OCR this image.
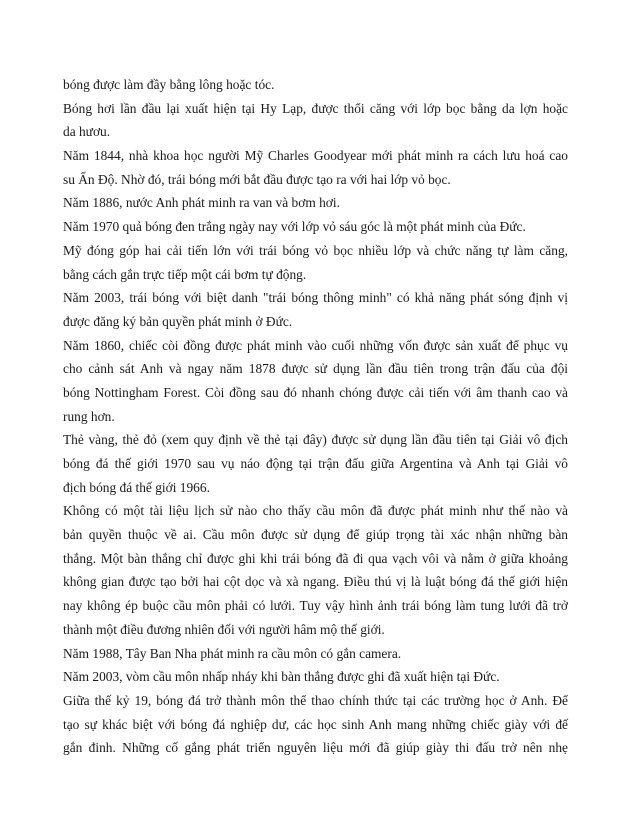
bóng được làm đầy bằng lông hoặc tóc.
Bóng hơi lần đầu lại xuất hiện tại Hy Lạp, được thổi căng với lớp bọc bằng da lợn hoặc
da hươu.
Năm 1844, nhà khoa học người Mỹ Charles Goodyear mới phát minh ra cách lưu hoá cao
su Ấn Độ. Nhờ đó, trái bóng mới bắt đầu được tạo ra với hai lớp vỏ bọc.
Năm 1886, nước Anh phát minh ra van và bơm hơi.
Năm 1970 quả bóng đen trắng ngày nay với lớp vỏ sáu góc là một phát minh của Đức.
Mỹ đóng góp hai cải tiến lớn với trái bóng vỏ bọc nhiều lớp và chức năng tự làm căng,
bằng cách gắn trực tiếp một cái bơm tự động.
Năm 2003, trái bóng với biệt danh "trái bóng thông minh" có khả năng phát sóng định vị
được đăng ký bản quyền phát minh ở Đức.
Năm 1860, chiếc còi đồng được phát minh vào cuối những vốn được sản xuất để phục vụ
cho cảnh sát Anh và ngay năm 1878 được sử dụng lần đầu tiên trong trận đấu của đội
bóng Nottingham Forest. Còi đồng sau đó nhanh chóng được cải tiến với âm thanh cao và
rung hơn.
Thẻ vàng, thẻ đỏ (xem quy định về thẻ tại đây) được sử dụng lần đầu tiên tại Giải vô địch
bóng đá thế giới 1970 sau vụ náo động tại trận đấu giữa Argentina và Anh tại Giải vô
địch bóng đá thế giới 1966.
Không có một tài liệu lịch sử nào cho thấy cầu môn đã được phát minh như thế nào và
bản quyền thuộc về ai. Cầu môn được sử dụng để giúp trọng tài xác nhận những bàn
thắng. Một bàn thắng chỉ được ghi khi trái bóng đã đi qua vạch vôi và nằm ở giữa khoảng
không gian được tạo bởi hai cột dọc và xà ngang. Điều thú vị là luật bóng đá thế giới hiện
nay không ép buộc cầu môn phải có lưới. Tuy vậy hình ảnh trái bóng làm tung lưới đã trở
thành một điều đương nhiên đối với người hâm mộ thế giới.
Năm 1988, Tây Ban Nha phát minh ra cầu môn có gắn camera.
Năm 2003, vòm cầu môn nhấp nháy khi bàn thắng được ghi đã xuất hiện tại Đức.
Giữa thế kỷ 19, bóng đá trở thành môn thể thao chính thức tại các trường học ở Anh. Để
tạo sự khác biệt với bóng đá nghiệp dư, các học sinh Anh mang những chiếc giày với đế
gắn đinh. Những cố gắng phát triển nguyên liệu mới đã giúp giày thi đấu trở nên nhẹ
